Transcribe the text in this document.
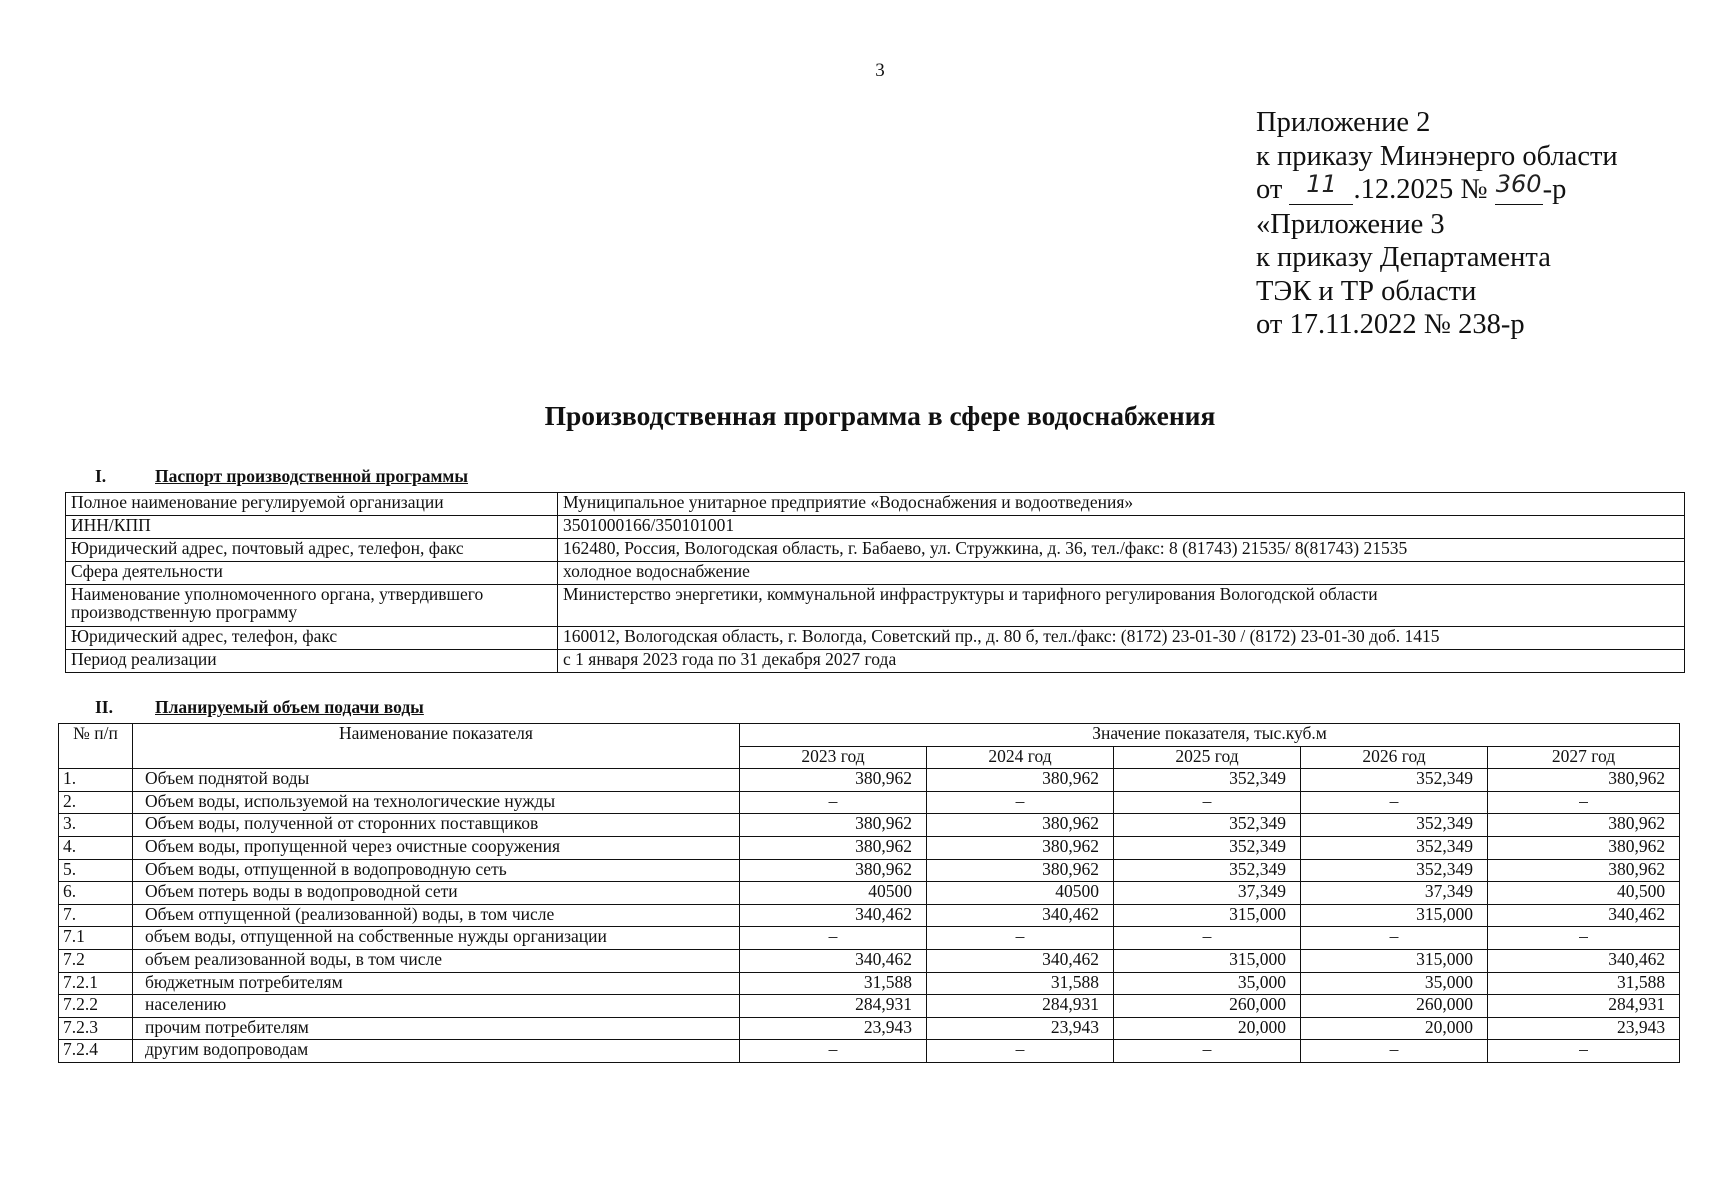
3
Приложение 2
к приказу Минэнерго области
от $^{11}$ .12.2025 № $^{360}$-р
«Приложение 3
к приказу Департамента
ТЭК и ТР области
от 17.11.2022 № 238-р
Производственная программа в сфере водоснабжения
I.	Паспорт производственной программы
Полное наименование регулируемой организации	Муниципальное унитарное предприятие «Водоснабжения и водоотведения»
ИНН/КПП	3501000166/350101001
Юридический адрес, почтовый адрес, телефон, факс	162480, Россия, Вологодская область, г. Бабаево, ул. Стружкина, д. 36, тел./факс: 8 (81743) 21535/ 8(81743) 21535
Сфера деятельности	холодное водоснабжение
Наименование уполномоченного органа, утвердившего производственную программу	Министерство энергетики, коммунальной инфраструктуры и тарифного регулирования Вологодской области
Юридический адрес, телефон, факс	160012, Вологодская область, г. Вологда, Советский пр., д. 80 б, тел./факс: (8172) 23-01-30 / (8172) 23-01-30 доб. 1415
Период реализации	с 1 января 2023 года по 31 декабря 2027 года
II. Планируемый объем подачи воды
№ п/п	Наименование показателя	Значение показателя, тыс.куб.м				
		2023 год	2024 год	2025 год	2026 год	2027 год
1.	Объем поднятой воды	380,962	380,962	352,349	352,349	380,962
2.	Объем воды, используемой на технологические нужды	–	–	–	–	–
3.	Объем воды, полученной от сторонних поставщиков	380,962	380,962	352,349	352,349	380,962
4.	Объем воды, пропущенной через очистные сооружения	380,962	380,962	352,349	352,349	380,962
5.	Объем воды, отпущенной в водопроводную сеть	380,962	380,962	352,349	352,349	380,962
6.	Объем потерь воды в водопроводной сети	40500	40500	37,349	37,349	40,500
7.	Объем отпущенной (реализованной) воды, в том числе	340,462	340,462	315,000	315,000	340,462
7.1	объем воды, отпущенной на собственные нужды организации	–	–	–	–	–
7.2	объем реализованной воды, в том числе	340,462	340,462	315,000	315,000	340,462
7.2.1	бюджетным потребителям	31,588	31,588	35,000	35,000	31,588
7.2.2	населению	284,931	284,931	260,000	260,000	284,931
7.2.3	прочим потребителям	23,943	23,943	20,000	20,000	23,943
7.2.4	другим водопроводам	–	–	–	–	–
